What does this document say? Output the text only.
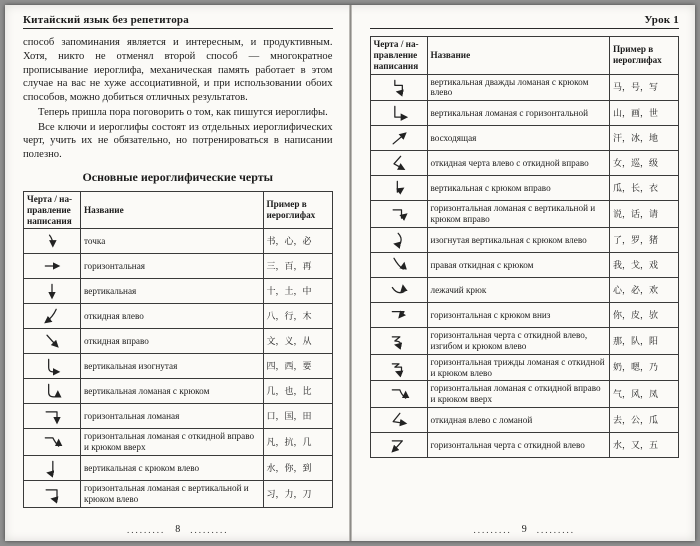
Китайский язык без репетитора

способ запоминания является и интересным, и продуктивным. Хотя, никто не отменял второй способ — многократное прописывание иероглифа, механическая память работает в этом случае на вас не хуже ассоциативной, и при использовании обоих способов, можно добиться отличных результатов.

Теперь пришла пора поговорить о том, как пишутся иероглифы.

Все ключи и иероглифы состоят из отдельных иероглифических черт, учить их не обязательно, но потренироваться в написании полезно.

Основные иероглифические черты
Черта / на-правление написания	Название	Пример в иероглифах
	точка	书，心，必
	горизонтальная	三，百，再
	вертикальная	十，土，中
	откидная влево	八，行，木
	откидная вправо	文，义，从
	вертикальная изогнутая	四，西，要
	вертикальная ломаная с крюком	几，也，比
	горизонтальная ломаная	口，国，田
	горизонтальная ломаная с откидной вправо и крюком вверх	凡，抗，几
	вертикальная с крюком влево	水，你，到
	горизонтальная ломаная с вертикальной и крюком влево	习，力，刀
......... 8 .........
Урок 1
Черта / на-правление написания	Название	Пример в иероглифах
	вертикальная дважды ломаная с крюком влево	马，号，写
	вертикальная ломаная с горизонтальной	山，画，世
	восходящая	汗，冰，地
	откидная черта влево с откидной вправо	女，巡，级
	вертикальная с крюком вправо	瓜，长，衣
	горизонтальная ломаная с вертикальной и крюком вправо	说，话，请
	изогнутая вертикальная с крюком влево	了，罗，猪
	правая откидная с крюком	我，戈，戏
	лежачий крюк	心，必，欢
	горизонтальная с крюком вниз	你，皮，欤
	горизонтальная черта с откидной влево, изгибом и крюком влево	那，队，阳
	горизонтальная трижды ломаная с откидной и крюком влево	奶，嗯，乃
	горизонтальная ломаная с откидной вправо и крюком вверх	气，风，凤
	откидная влево с ломаной	去，公，瓜
	горизонтальная черта с откидной влево	水，又，五
......... 9 .........
